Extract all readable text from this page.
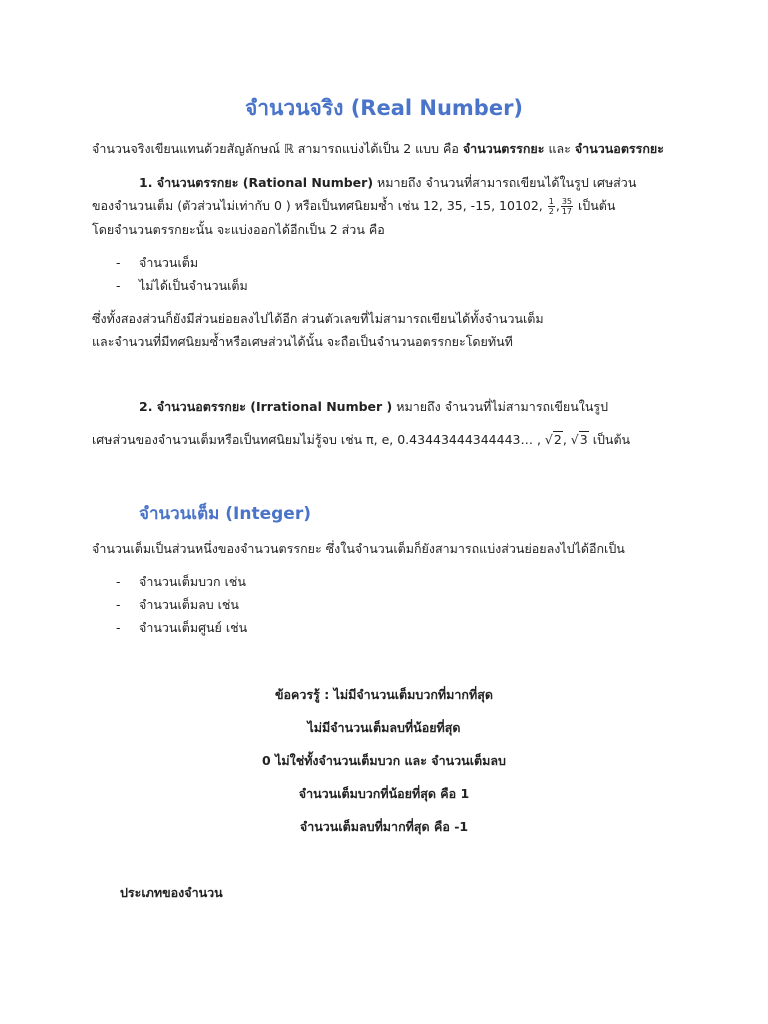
จำนวนจริง (Real Number)
จำนวนจริงเขียนแทนด้วยสัญลักษณ์ ℝ สามารถแบ่งได้เป็น 2 แบบ คือ จำนวนตรรกยะ และ จำนวนอตรรกยะ
1. จำนวนตรรกยะ (Rational Number) หมายถึง จำนวนที่สามารถเขียนได้ในรูป เศษส่วน
ของจำนวนเต็ม (ตัวส่วนไม่เท่ากับ 0 ) หรือเป็นทศนิยมซ้ำ เช่น 12, 35, -15, 10102, $\frac{1}{2}$ , $\frac{35}{17}$ เป็นต้น
โดยจำนวนตรรกยะนั้น จะแบ่งออกได้อีกเป็น 2 ส่วน คือ
- จำนวนเต็ม
- ไม่ได้เป็นจำนวนเต็ม
ซึ่งทั้งสองส่วนก็ยังมีส่วนย่อยลงไปได้อีก ส่วนตัวเลขที่ไม่สามารถเขียนได้ทั้งจำนวนเต็ม
และจำนวนที่มีทศนิยมซ้ำหรือเศษส่วนได้นั้น จะถือเป็นจำนวนอตรรกยะโดยทันที
2. จำนวนอตรรกยะ (Irrational Number ) หมายถึง จำนวนที่ไม่สามารถเขียนในรูป
เศษส่วนของจำนวนเต็มหรือเป็นทศนิยมไม่รู้จบ เช่น π, e, 0.43443444344443… , √2, √3 เป็นต้น
จำนวนเต็ม (Integer)
จำนวนเต็มเป็นส่วนหนึ่งของจำนวนตรรกยะ ซึ่งในจำนวนเต็มก็ยังสามารถแบ่งส่วนย่อยลงไปได้อีกเป็น
- จำนวนเต็มบวก เช่น
- จำนวนเต็มลบ เช่น
- จำนวนเต็มศูนย์ เช่น
ข้อควรรู้ : ไม่มีจำนวนเต็มบวกที่มากที่สุด
ไม่มีจำนวนเต็มลบที่น้อยที่สุด
0 ไม่ใช่ทั้งจำนวนเต็มบวก และ จำนวนเต็มลบ
จำนวนเต็มบวกที่น้อยที่สุด คือ 1
จำนวนเต็มลบที่มากที่สุด คือ -1
ประเภทของจำนวน
